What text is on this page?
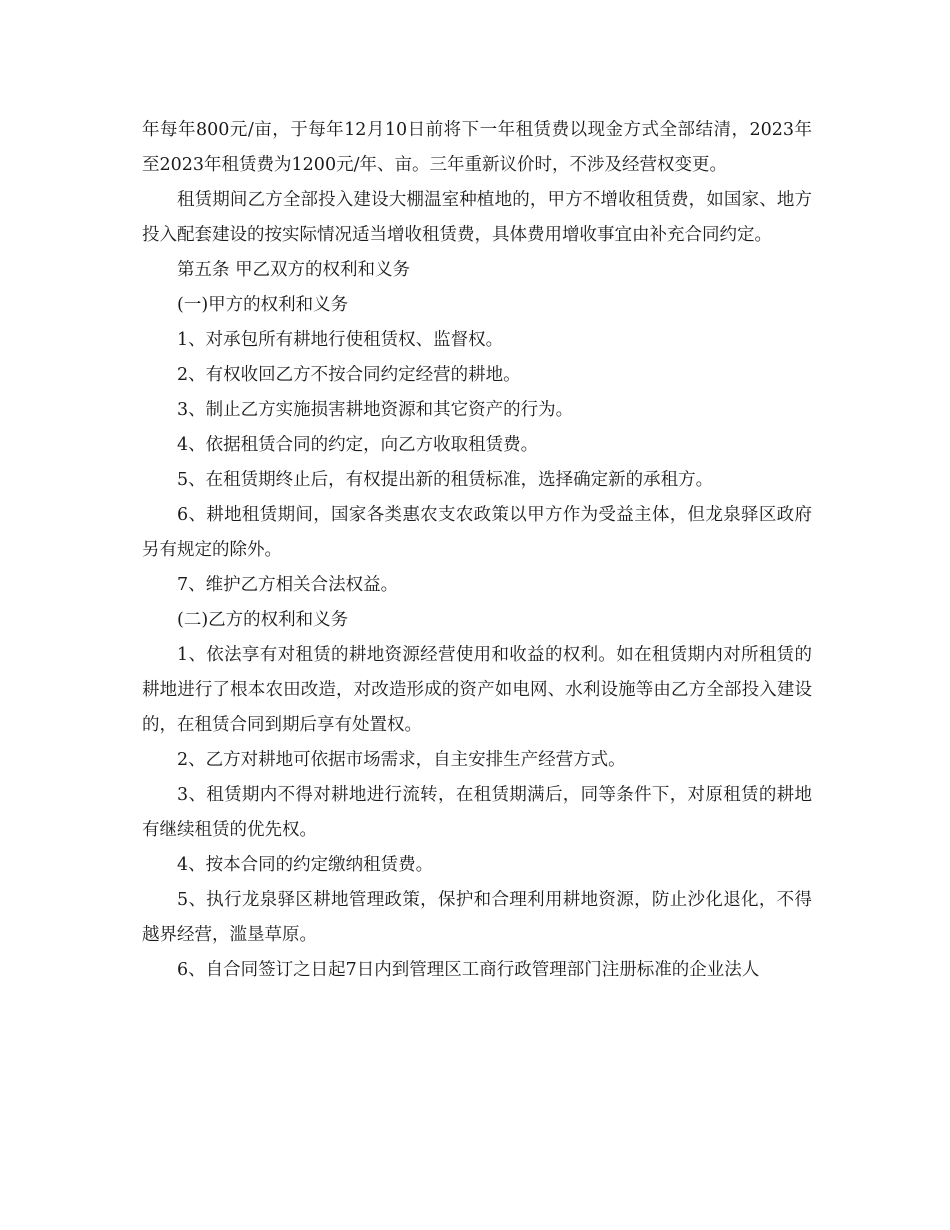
年每年800元/亩，于每年12月10日前将下一年租赁费以现金方式全部结清，2023年至2023年租赁费为1200元/年、亩。三年重新议价时，不涉及经营权变更。

租赁期间乙方全部投入建设大棚温室种植地的，甲方不增收租赁费，如国家、地方投入配套建设的按实际情况适当增收租赁费，具体费用增收事宜由补充合同约定。

第五条 甲乙双方的权利和义务

(一)甲方的权利和义务

1、对承包所有耕地行使租赁权、监督权。

2、有权收回乙方不按合同约定经营的耕地。

3、制止乙方实施损害耕地资源和其它资产的行为。

4、依据租赁合同的约定，向乙方收取租赁费。

5、在租赁期终止后，有权提出新的租赁标准，选择确定新的承租方。

6、耕地租赁期间，国家各类惠农支农政策以甲方作为受益主体，但龙泉驿区政府另有规定的除外。

7、维护乙方相关合法权益。

(二)乙方的权利和义务

1、依法享有对租赁的耕地资源经营使用和收益的权利。如在租赁期内对所租赁的耕地进行了根本农田改造，对改造形成的资产如电网、水利设施等由乙方全部投入建设的，在租赁合同到期后享有处置权。

2、乙方对耕地可依据市场需求，自主安排生产经营方式。

3、租赁期内不得对耕地进行流转，在租赁期满后，同等条件下，对原租赁的耕地有继续租赁的优先权。

4、按本合同的约定缴纳租赁费。

5、执行龙泉驿区耕地管理政策，保护和合理利用耕地资源，防止沙化退化，不得越界经营，滥垦草原。

6、自合同签订之日起7日内到管理区工商行政管理部门注册标准的企业法人
